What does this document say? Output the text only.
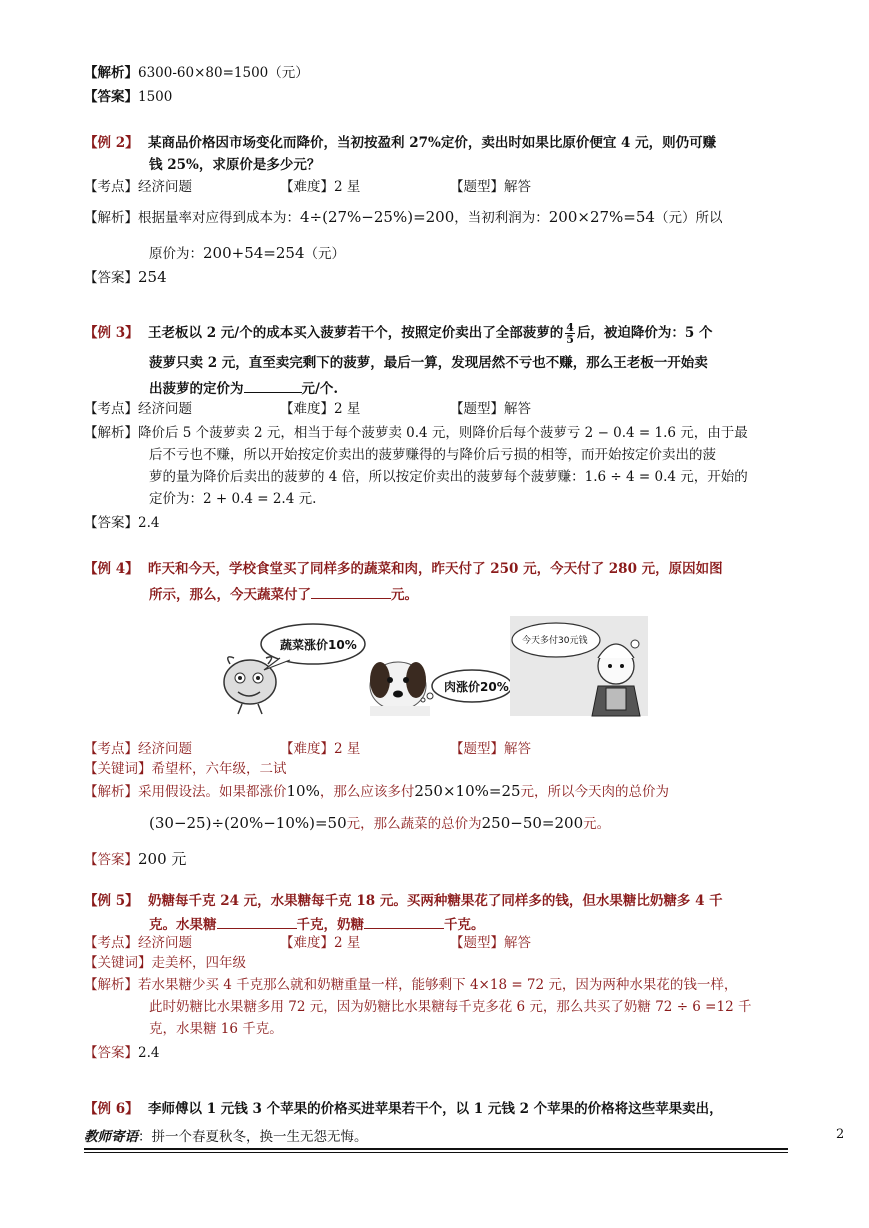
【解析】6300-60×80=1500（元）
【答案】1500
【例 2】 某商品价格因市场变化而降价，当初按盈利 27%定价，卖出时如果比原价便宜 4 元，则仍可赚
钱 25%，求原价是多少元？
【考点】经济问题	【难度】2 星	【题型】解答
【解析】根据量率对应得到成本为：4÷(27%−25%)=200，当初利润为：200×27%=54（元）所以
原价为：200+54=254（元）
【答案】254
【例 3】 王老板以 2 元/个的成本买入菠萝若干个，按照定价卖出了全部菠萝的 $\frac{4}{5}$ 后，被迫降价为：5 个
菠萝只卖 2 元，直至卖完剩下的菠萝，最后一算，发现居然不亏也不赚，那么王老板一开始卖
出菠萝的定价为	元/个.
【考点】经济问题	【难度】2 星	【题型】解答
【解析】降价后 5 个菠萝卖 2 元，相当于每个菠萝卖 0.4 元，则降价后每个菠萝亏 2 − 0.4 = 1.6 元，由于最
后不亏也不赚，所以开始按定价卖出的菠萝赚得的与降价后亏损的相等，而开始按定价卖出的菠
萝的量为降价后卖出的菠萝的 4 倍，所以按定价卖出的菠萝每个菠萝赚：1.6 ÷ 4 = 0.4 元，开始的
定价为：2 + 0.4 = 2.4 元.
【答案】2.4
【例 4】 昨天和今天，学校食堂买了同样多的蔬菜和肉，昨天付了 250 元，今天付了 280 元，原因如图
所示，那么，今天蔬菜付了	元。
蔬菜涨价10%
肉涨价20%
今天多付30元钱
【考点】经济问题	【难度】2 星	【题型】解答
【关键词】希望杯，六年级，二试
【解析】采用假设法。如果都涨价10%，那么应该多付250×10%=25元，所以今天肉的总价为
(30−25)÷(20%−10%)=50元，那么蔬菜的总价为250−50=200元。
【答案】200 元
【例 5】 奶糖每千克 24 元，水果糖每千克 18 元。买两种糖果花了同样多的钱，但水果糖比奶糖多 4 千
克。水果糖	千克，奶糖	千克。
【考点】经济问题	【难度】2 星	【题型】解答
【关键词】走美杯，四年级
【解析】若水果糖少买 4 千克那么就和奶糖重量一样，能够剩下 4×18 = 72 元，因为两种水果花的钱一样，
此时奶糖比水果糖多用 72 元，因为奶糖比水果糖每千克多花 6 元，那么共买了奶糖 72 ÷ 6 =12 千
克，水果糖 16 千克。
【答案】2.4
【例 6】 李师傅以 1 元钱 3 个苹果的价格买进苹果若干个，以 1 元钱 2 个苹果的价格将这些苹果卖出，
教师寄语：拼一个春夏秋冬，换一生无怨无悔。	2
